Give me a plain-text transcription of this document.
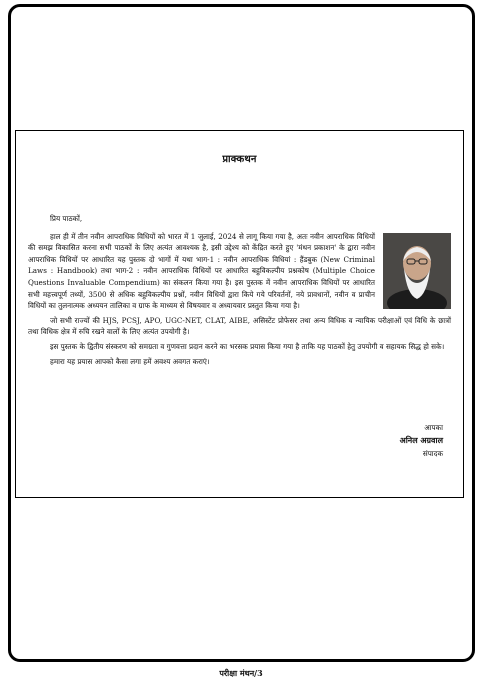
प्राक्कथन

प्रिय पाठकों,

हाल ही में तीन नवीन आपराधिक विधियों को भारत में 1 जुलाई, 2024 से लागू किया गया है, अतः नवीन आपराधिक विधियों की समझ विकासित करना सभी पाठकों के लिए अत्यंत आवश्यक है, इसी उद्देश्य को केंद्रित करते हुए 'मंथन प्रकाशन' के द्वारा नवीन आपराधिक विधियों पर आधारित यह पुस्तक दो भागों में यथा भाग-1 : नवीन आपराधिक विधियां : हैंडबुक (New Criminal Laws : Handbook) तथा भाग-2 : नवीन आपराधिक विधियों पर आधारित बहुविकल्पीय प्रश्नकोष (Multiple Choice Questions Invaluable Compendium) का संकलन किया गया है। इस पुस्तक में नवीन आपराधिक विधियों पर आधारित सभी महत्त्वपूर्ण तथ्यों, 3500 से अधिक बहुविकल्पीय प्रश्नों, नवीन विधियों द्वारा किये गये परिवर्तनों, नये प्रावधानों, नवीन व प्राचीन विधियों का तुलनात्मक अध्ययन तालिका व ग्राफ के माध्यम से विषयवार व अध्यायवार प्रस्तुत किया गया है।

जो सभी राज्यों की HJS, PCSJ, APO, UGC-NET, CLAT, AIBE, असिस्टेंट प्रोफेसर तथा अन्य विधिक व न्यायिक परीक्षाओं एवं विधि के छात्रों तथा विधिक क्षेत्र में रुचि रखने वालों के लिए अत्यंत उपयोगी है।

इस पुस्तक के द्वितीय संस्करण को समग्रता व गुणवत्ता प्रदान करने का भरसक प्रयास किया गया है ताकि यह पाठकों हेतु उपयोगी व सहायक सिद्ध हो सके।

हमारा यह प्रयास आपको कैसा लगा हमें अवश्य अवगत कराएं।

आपका
अनिल अग्रवाल
संपादक
परीक्षा मंथन/3
